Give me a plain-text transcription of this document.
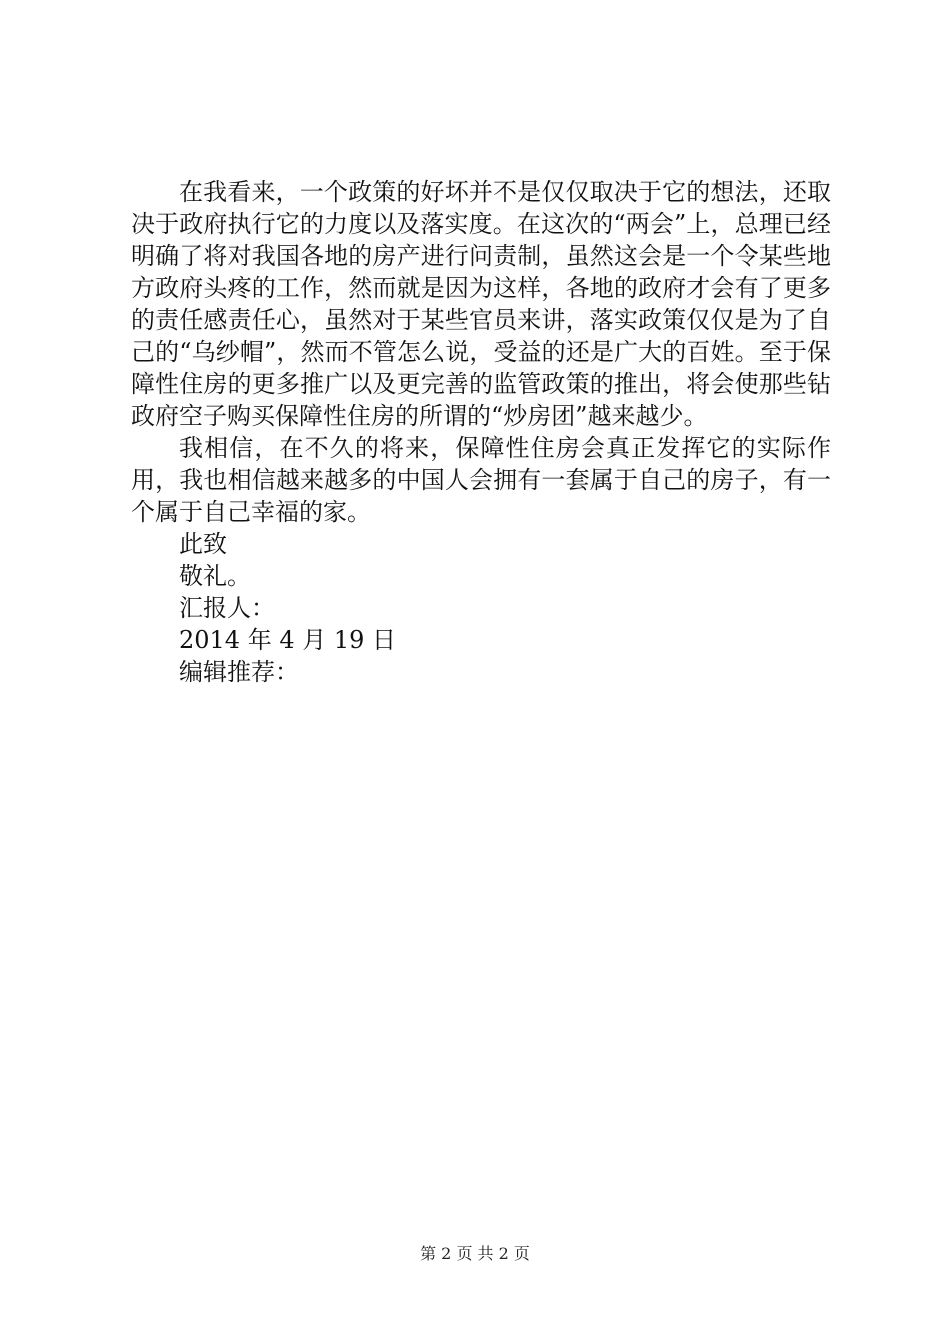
在我看来，一个政策的好坏并不是仅仅取决于它的想法，还取决于政府执行它的力度以及落实度。在这次的“两会”上，总理已经明确了将对我国各地的房产进行问责制，虽然这会是一个令某些地方政府头疼的工作，然而就是因为这样，各地的政府才会有了更多的责任感责任心，虽然对于某些官员来讲，落实政策仅仅是为了自己的“乌纱帽”，然而不管怎么说，受益的还是广大的百姓。至于保障性住房的更多推广以及更完善的监管政策的推出，将会使那些钻政府空子购买保障性住房的所谓的“炒房团”越来越少。

我相信，在不久的将来，保障性住房会真正发挥它的实际作用，我也相信越来越多的中国人会拥有一套属于自己的房子，有一个属于自己幸福的家。

此致

敬礼。

汇报人：

2014 年 4 月 19 日

编辑推荐：

第 2 页 共 2 页
